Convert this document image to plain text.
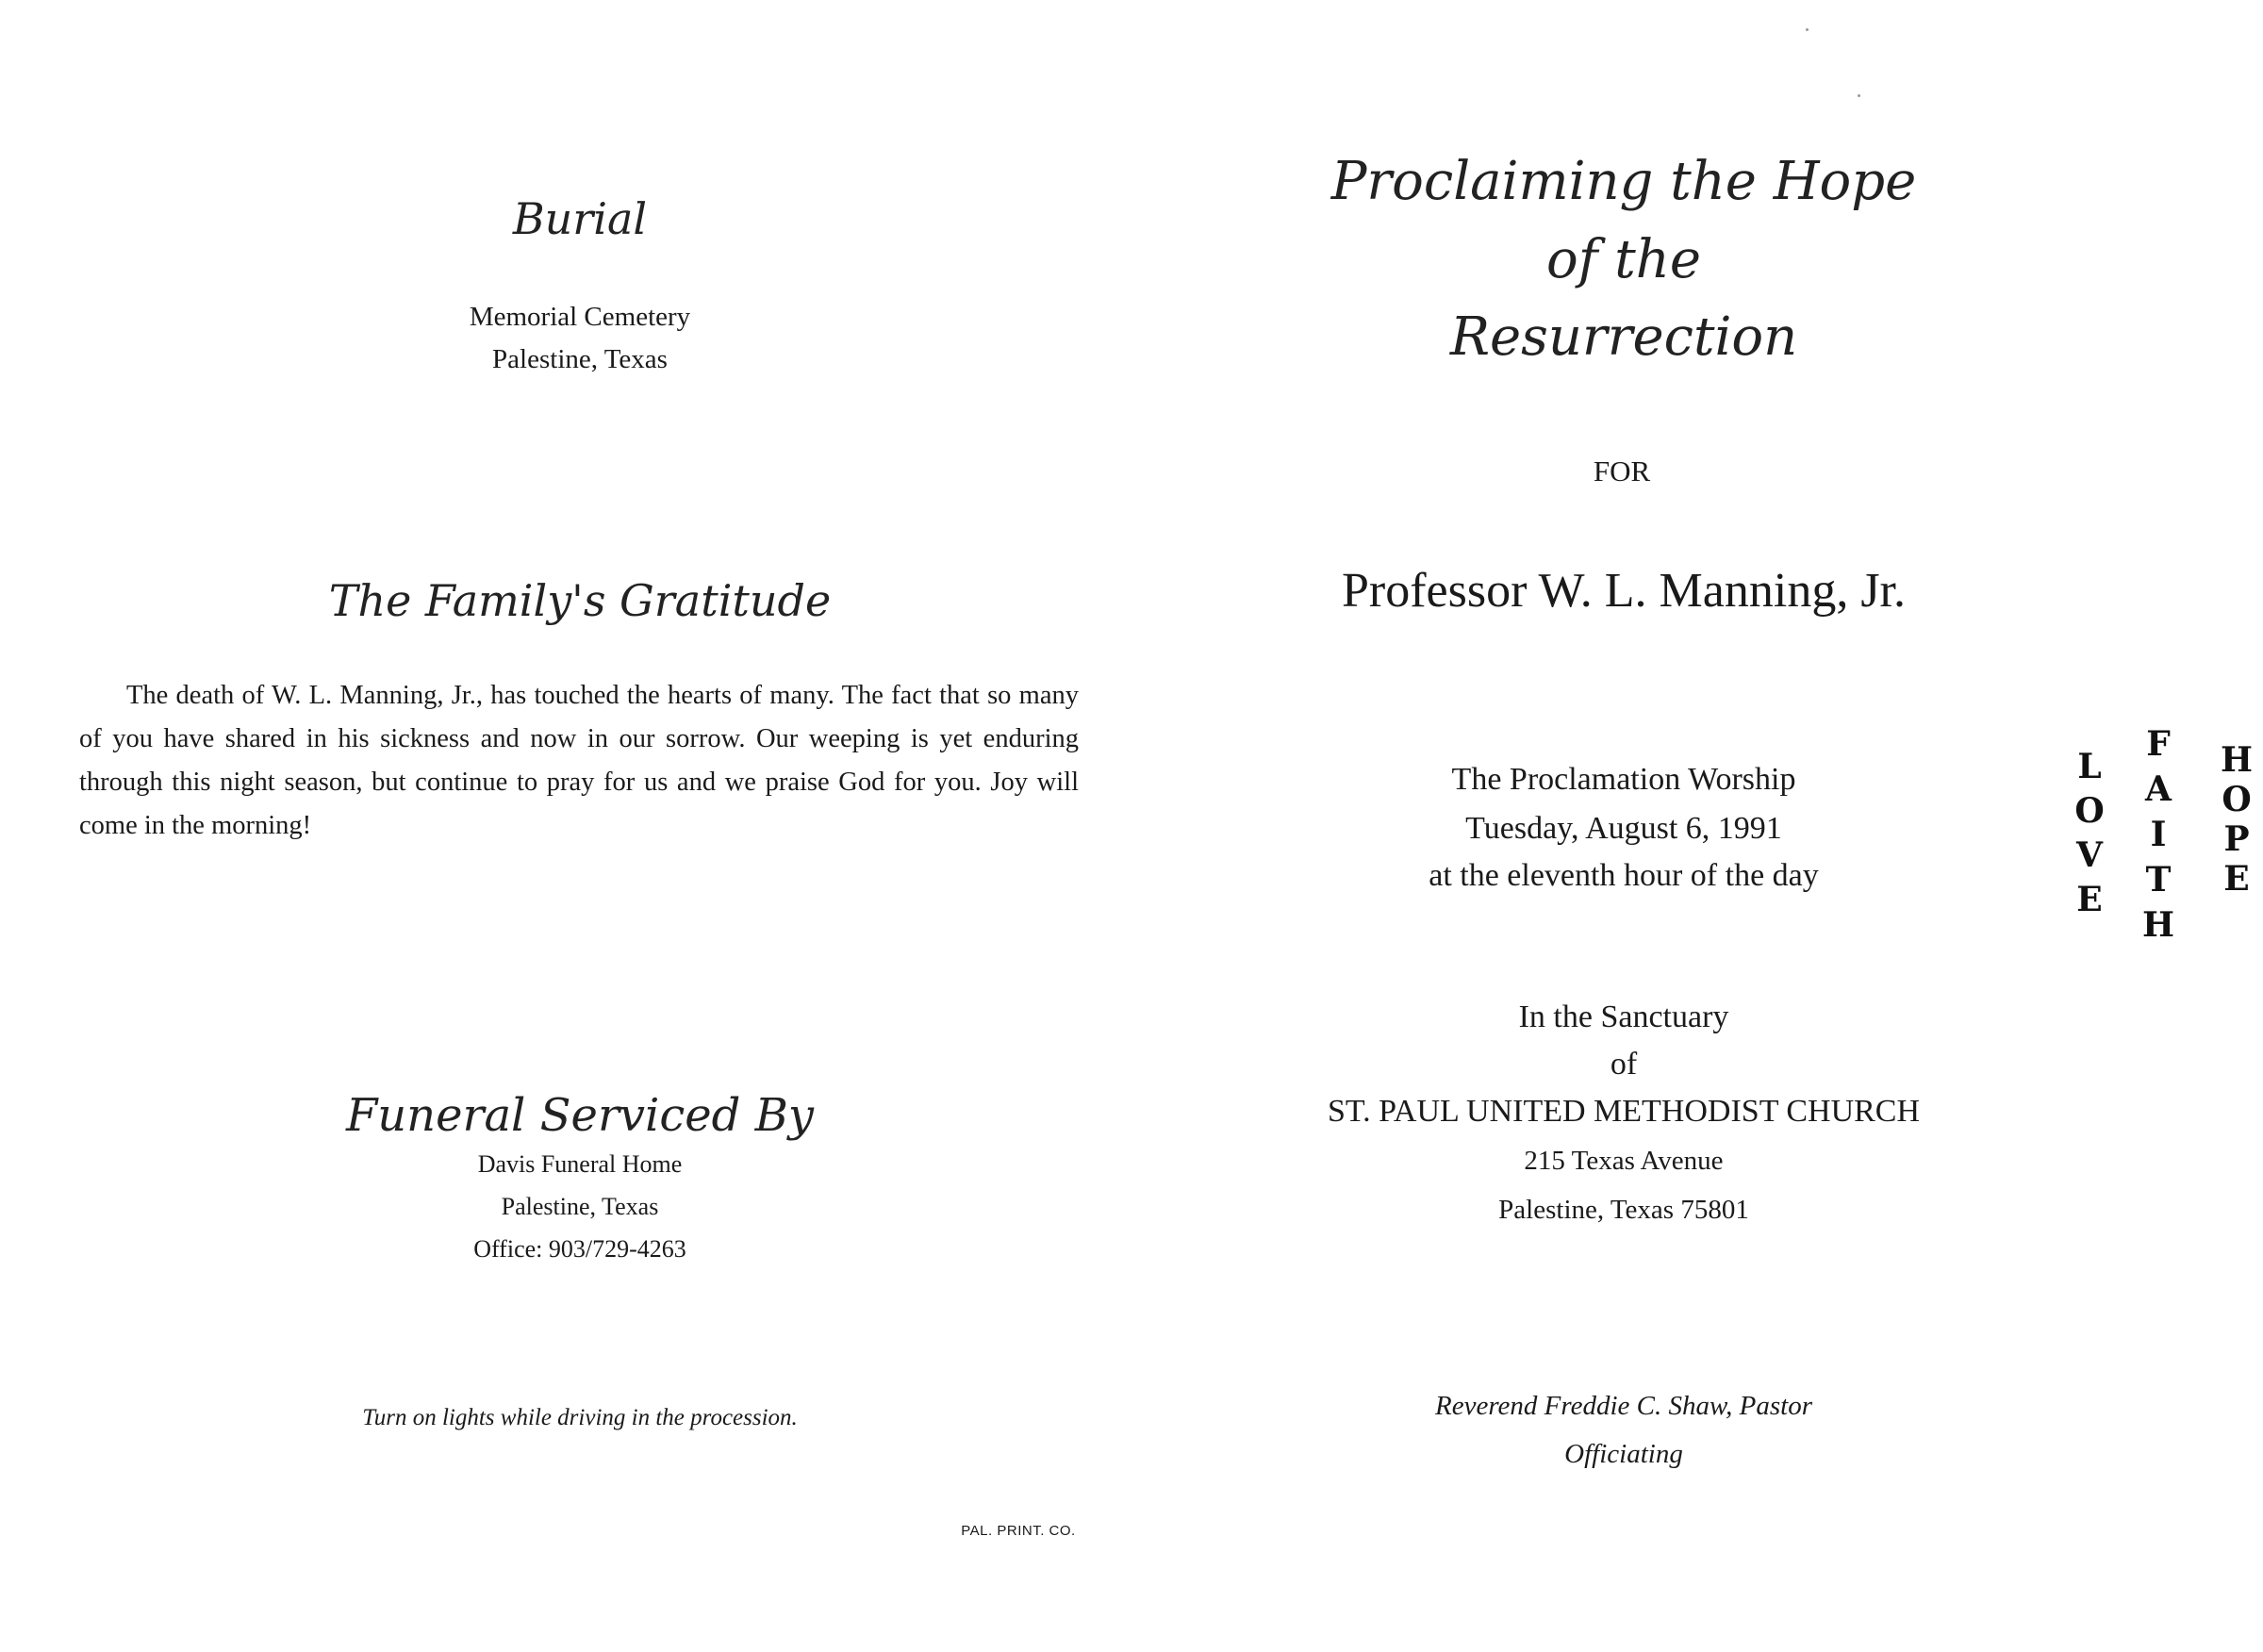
Burial
Memorial Cemetery
Palestine, Texas
The Family's Gratitude
The death of W. L. Manning, Jr., has touched the hearts of many. The fact that so many of you have shared in his sickness and now in our sorrow. Our weeping is yet enduring through this night season, but continue to pray for us and we praise God for you. Joy will come in the morning!
Funeral Serviced By
Davis Funeral Home
Palestine, Texas
Office: 903/729-4263
Turn on lights while driving in the procession.
PAL. PRINT. CO.
Proclaiming the Hope
of the
Resurrection
FOR
Professor W. L. Manning, Jr.
The Proclamation Worship
Tuesday, August 6, 1991
at the eleventh hour of the day
In the Sanctuary
of
ST. PAUL UNITED METHODIST CHURCH
215 Texas Avenue
Palestine, Texas 75801
Reverend Freddie C. Shaw, Pastor
Officiating
L
O
V
E
F
A
I
T
H
H
O
P
E
